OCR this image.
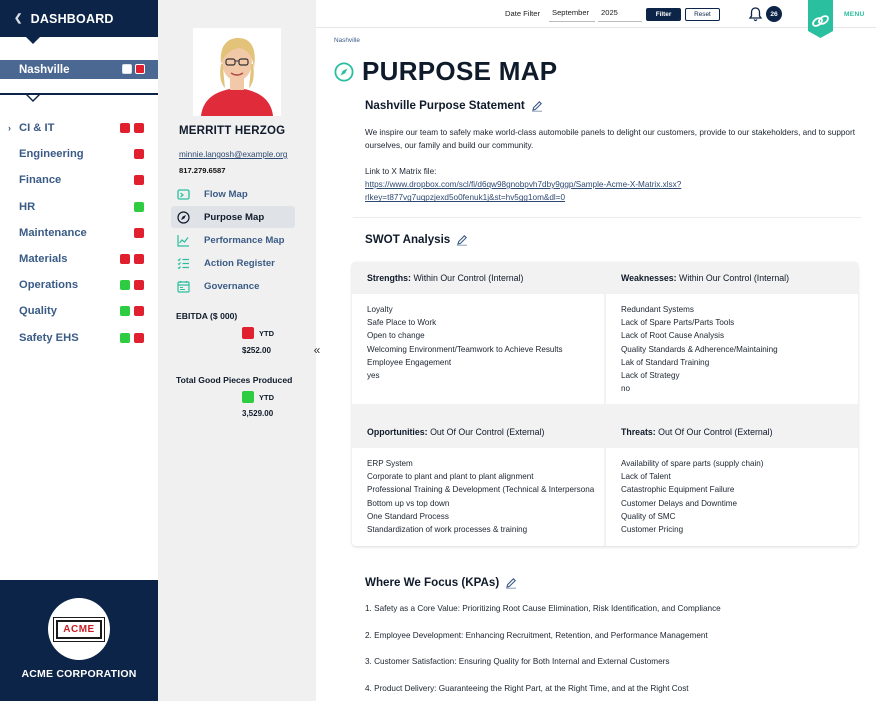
❮ DASHBOARD
Nashville
› CI & IT
Engineering
Finance
HR
Maintenance
Materials
Operations
Quality
Safety EHS
ACME
ACME CORPORATION
MERRITT HERZOG
minnie.langosh@example.org
817.279.6587
Flow Map
Purpose Map
Performance Map
Action Register
Governance
EBITDA ($ 000)
YTD
$252.00
Total Good Pieces Produced
YTD
3,529.00
«
Date Filter	September	2025	Filter	Reset	26	MENU
Nashville
PURPOSE MAP
Nashville Purpose Statement
We inspire our team to safely make world-class automobile panels to delight our customers, provide to our stakeholders, and to support ourselves, our family and build our community.
Link to X Matrix file:
https://www.dropbox.com/scl/fi/d6qw98gnobpvh7dby9ggp/Sample-Acme-X-Matrix.xlsx?
rlkey=t877vg7uqpzjexd5o0fenuk1j&st=hv5gg1om&dl=0
SWOT Analysis
Strengths:
Within Our Control (Internal)
Loyalty
Safe Place to Work
Open to change
Welcoming Environment/Teamwork to Achieve Results
Employee Engagement
yes
Weaknesses:
Within Our Control (Internal)
Redundant Systems
Lack of Spare Parts/Parts Tools
Lack of Root Cause Analysis
Quality Standards & Adherence/Maintaining
Lak of Standard Training
Lack of Strategy
no
Opportunities:
Out Of Our Control (External)
ERP System
Corporate to plant and plant to plant alignment
Professional Training & Development (Technical & Interpersona
Bottom up vs top down
One Standard Process
Standardization of work processes & training
Threats:
Out Of Our Control (External)
Availability of spare parts (supply chain)
Lack of Talent
Catastrophic Equipment Failure
Customer Delays and Downtime
Quality of SMC
Customer Pricing
Where We Focus (KPAs)
1. Safety as a Core Value: Prioritizing Root Cause Elimination, Risk Identification, and Compliance
2. Employee Development: Enhancing Recruitment, Retention, and Performance Management
3. Customer Satisfaction: Ensuring Quality for Both Internal and External Customers
4. Product Delivery: Guaranteeing the Right Part, at the Right Time, and at the Right Cost
